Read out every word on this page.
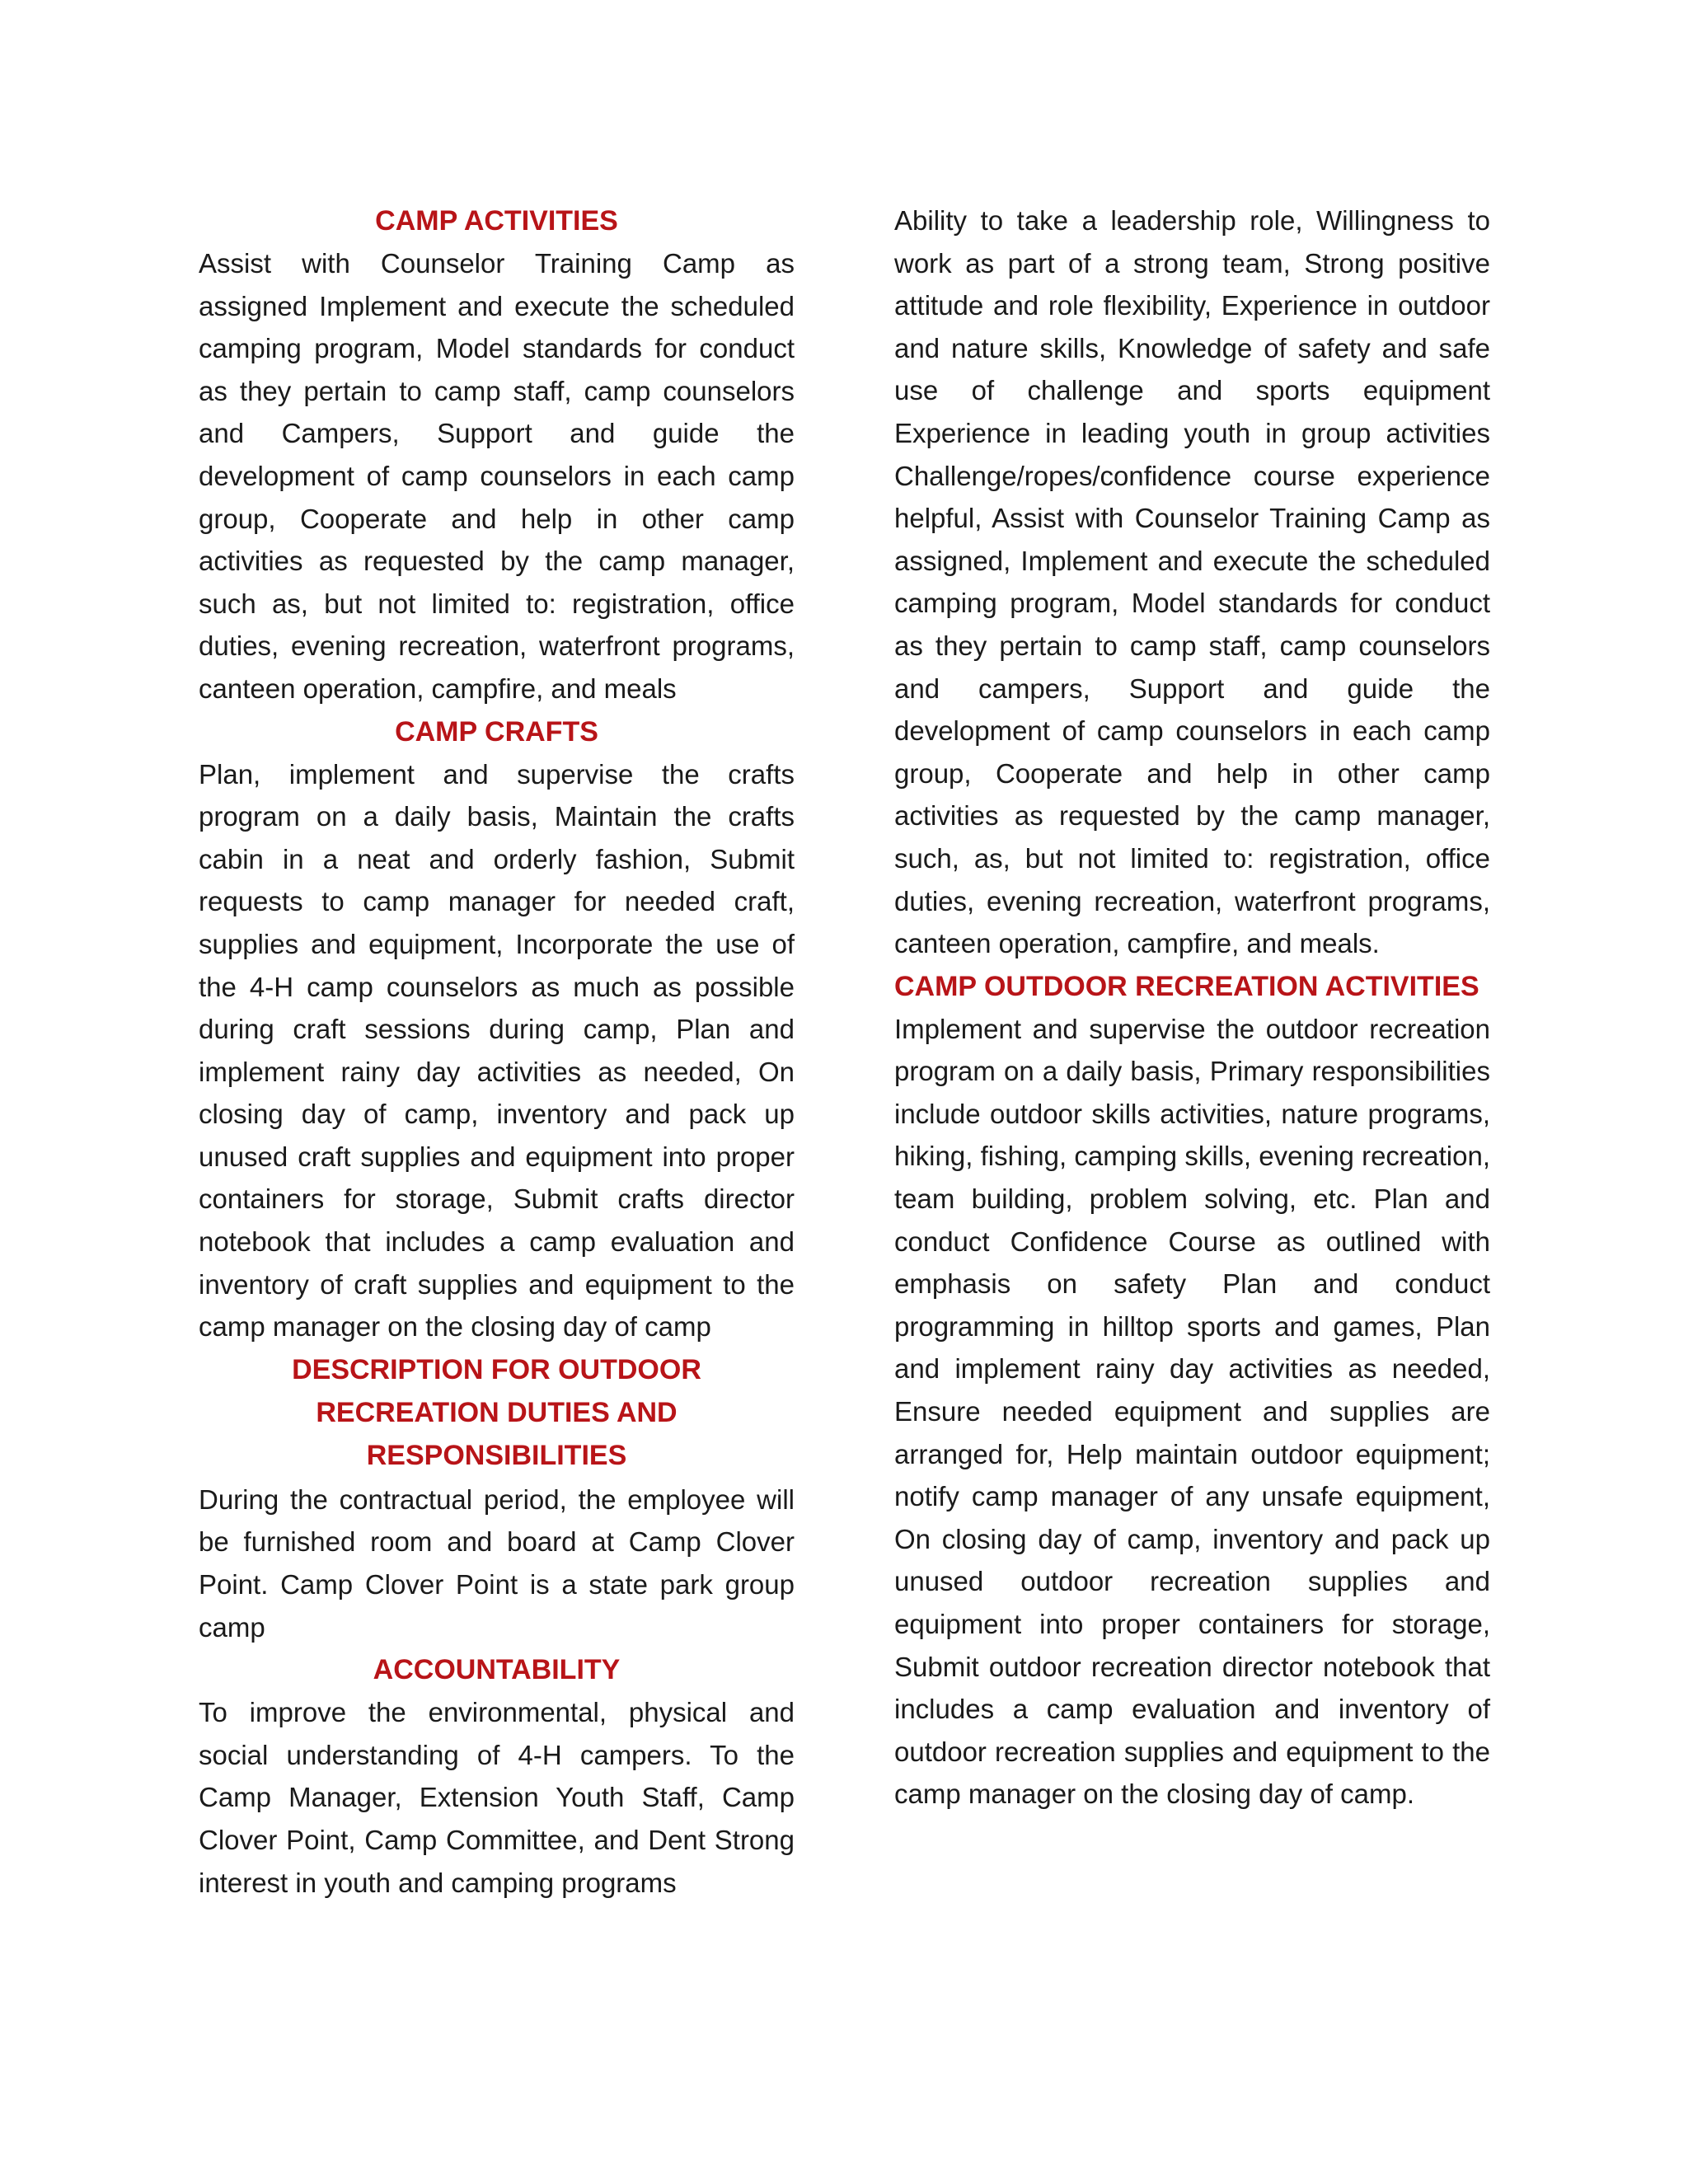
CAMP ACTIVITIES

Assist with Counselor Training Camp as assigned Implement and execute the scheduled camping program, Model standards for conduct as they pertain to camp staff, camp counselors and Campers, Support and guide the development of camp counselors in each camp group, Cooperate and help in other camp activities as requested by the camp manager, such as, but not limited to: registration, office duties, evening recreation, waterfront programs, canteen operation, campfire, and meals

CAMP CRAFTS

Plan, implement and supervise the crafts program on a daily basis, Maintain the crafts cabin in a neat and orderly fashion, Submit requests to camp manager for needed craft, supplies and equipment, Incorporate the use of the 4-H camp counselors as much as possible during craft sessions during camp, Plan and implement rainy day activities as needed, On closing day of camp, inventory and pack up unused craft supplies and equipment into proper containers for storage, Submit crafts director notebook that includes a camp evaluation and inventory of craft supplies and equipment to the camp manager on the closing day of camp

DESCRIPTION FOR OUTDOOR RECREATION DUTIES AND RESPONSIBILITIES

During the contractual period, the employee will be furnished room and board at Camp Clover Point. Camp Clover Point is a state park group camp

ACCOUNTABILITY

To improve the environmental, physical and social understanding of 4-H campers. To the Camp Manager, Extension Youth Staff, Camp Clover Point, Camp Committee, and Dent Strong interest in youth and camping programs

Ability to take a leadership role, Willingness to work as part of a strong team, Strong positive attitude and role flexibility, Experience in outdoor and nature skills, Knowledge of safety and safe use of challenge and sports equipment Experience in leading youth in group activities Challenge/ropes/confidence course experience helpful, Assist with Counselor Training Camp as assigned, Implement and execute the scheduled camping program, Model standards for conduct as they pertain to camp staff, camp counselors and campers, Support and guide the development of camp counselors in each camp group, Cooperate and help in other camp activities as requested by the camp manager, such, as, but not limited to: registration, office duties, evening recreation, waterfront programs, canteen operation, campfire, and meals.

CAMP OUTDOOR RECREATION ACTIVITIES

Implement and supervise the outdoor recreation program on a daily basis, Primary responsibilities include outdoor skills activities, nature programs, hiking, fishing, camping skills, evening recreation, team building, problem solving, etc. Plan and conduct Confidence Course as outlined with emphasis on safety Plan and conduct programming in hilltop sports and games, Plan and implement rainy day activities as needed, Ensure needed equipment and supplies are arranged for, Help maintain outdoor equipment; notify camp manager of any unsafe equipment, On closing day of camp, inventory and pack up unused outdoor recreation supplies and equipment into proper containers for storage, Submit outdoor recreation director notebook that includes a camp evaluation and inventory of outdoor recreation supplies and equipment to the camp manager on the closing day of camp.
